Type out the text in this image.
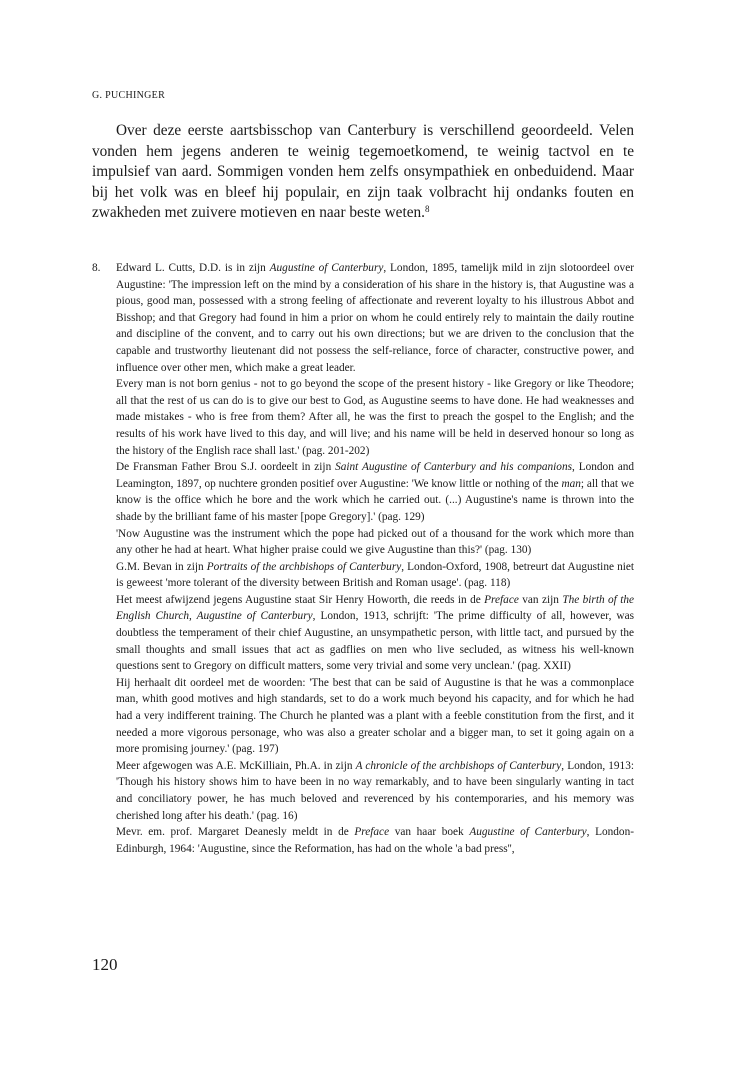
G. PUCHINGER
Over deze eerste aartsbisschop van Canterbury is verschillend geoordeeld. Velen vonden hem jegens anderen te weinig tegemoetkomend, te weinig tactvol en te impulsief van aard. Sommigen vonden hem zelfs onsympathiek en onbeduidend. Maar bij het volk was en bleef hij populair, en zijn taak volbracht hij ondanks fouten en zwakheden met zuivere motieven en naar beste weten.$^8$
8. Edward L. Cutts, D.D. is in zijn Augustine of Canterbury, London, 1895, tamelijk mild in zijn slotoordeel over Augustine: 'The impression left on the mind by a consideration of his share in the history is, that Augustine was a pious, good man, possessed with a strong feeling of affectionate and reverent loyalty to his illustrous Abbot and Bisshop; and that Gregory had found in him a prior on whom he could entirely rely to maintain the daily routine and discipline of the convent, and to carry out his own directions; but we are driven to the conclusion that the capable and trustworthy lieutenant did not possess the self-reliance, force of character, constructive power, and influence over other men, which make a great leader.

Every man is not born genius - not to go beyond the scope of the present history - like Gregory or like Theodore; all that the rest of us can do is to give our best to God, as Augustine seems to have done. He had weaknesses and made mistakes - who is free from them? After all, he was the first to preach the gospel to the English; and the results of his work have lived to this day, and will live; and his name will be held in deserved honour so long as the history of the English race shall last.' (pag. 201-202)

De Fransman Father Brou S.J. oordeelt in zijn Saint Augustine of Canterbury and his companions, London and Leamington, 1897, op nuchtere gronden positief over Augustine: 'We know little or nothing of the man; all that we know is the office which he bore and the work which he carried out. (...) Augustine's name is thrown into the shade by the brilliant fame of his master [pope Gregory].' (pag. 129)

'Now Augustine was the instrument which the pope had picked out of a thousand for the work which more than any other he had at heart. What higher praise could we give Augustine than this?' (pag. 130)

G.M. Bevan in zijn Portraits of the archbishops of Canterbury, London-Oxford, 1908, betreurt dat Augustine niet is geweest 'more tolerant of the diversity between British and Roman usage'. (pag. 118)

Het meest afwijzend jegens Augustine staat Sir Henry Howorth, die reeds in de Preface van zijn The birth of the English Church, Augustine of Canterbury, London, 1913, schrijft: 'The prime difficulty of all, however, was doubtless the temperament of their chief Augustine, an unsympathetic person, with little tact, and pursued by the small thoughts and small issues that act as gadflies on men who live secluded, as witness his well-known questions sent to Gregory on difficult matters, some very trivial and some very unclean.' (pag. XXII)

Hij herhaalt dit oordeel met de woorden: 'The best that can be said of Augustine is that he was a commonplace man, whith good motives and high standards, set to do a work much beyond his capacity, and for which he had had a very indifferent training. The Church he planted was a plant with a feeble constitution from the first, and it needed a more vigorous personage, who was also a greater scholar and a bigger man, to set it going again on a more promising journey.' (pag. 197)

Meer afgewogen was A.E. McKilliain, Ph.A. in zijn A chronicle of the archbishops of Canterbury, London, 1913: 'Though his history shows him to have been in no way remarkably, and to have been singularly wanting in tact and conciliatory power, he has much beloved and reverenced by his contemporaries, and his memory was cherished long after his death.' (pag. 16)

Mevr. em. prof. Margaret Deanesly meldt in de Preface van haar boek Augustine of Canterbury, London-Edinburgh, 1964: 'Augustine, since the Reformation, has had on the whole 'a bad press'',

120
